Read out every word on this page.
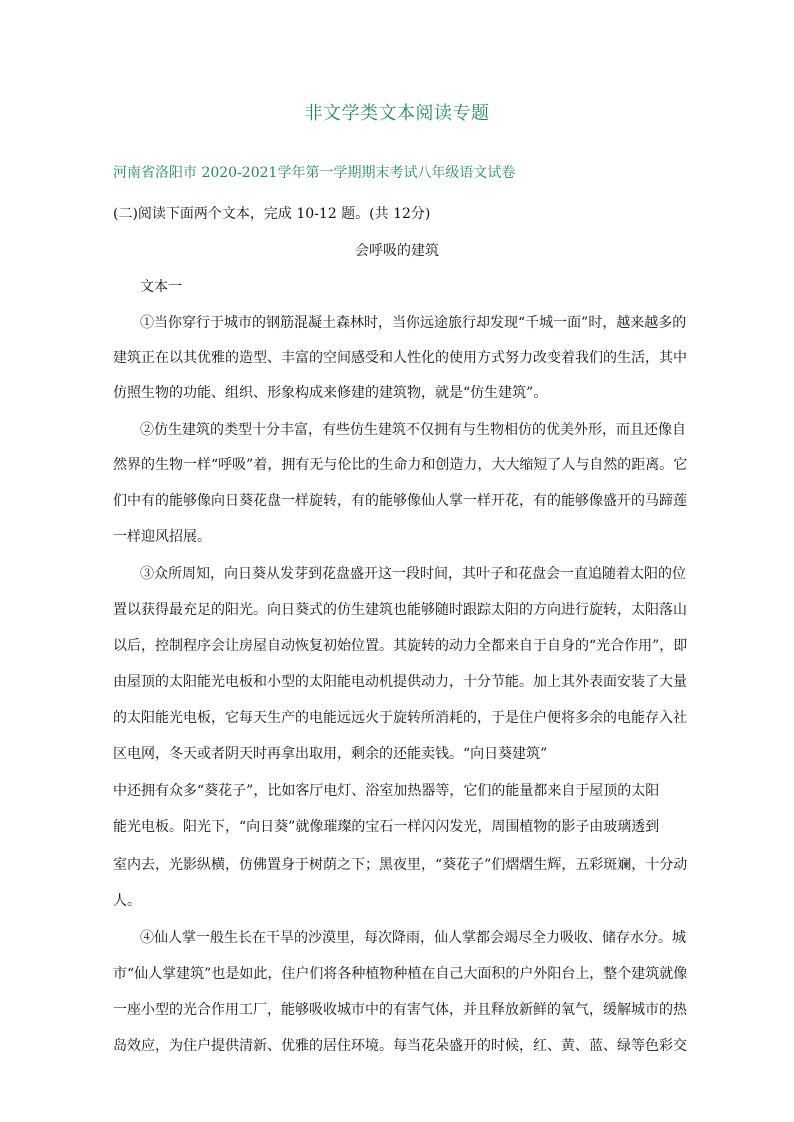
非文学类文本阅读专题
河南省洛阳市 2020-2021学年第一学期期末考试八年级语文试卷
(二)阅读下面两个文本，完成 10-12 题。(共 12分)
会呼吸的建筑
文本一
①当你穿行于城市的钢筋混凝土森林时，当你远途旅行却发现“千城一面”时，越来越多的
建筑正在以其优雅的造型、丰富的空间感受和人性化的使用方式努力改变着我们的生活，其中
仿照生物的功能、组织、形象构成来修建的建筑物，就是“仿生建筑”。
②仿生建筑的类型十分丰富，有些仿生建筑不仅拥有与生物相仿的优美外形，而且还像自
然界的生物一样“呼吸”着，拥有无与伦比的生命力和创造力，大大缩短了人与自然的距离。它
们中有的能够像向日葵花盘一样旋转，有的能够像仙人掌一样开花，有的能够像盛开的马蹄莲
一样迎风招展。
③众所周知，向日葵从发芽到花盘盛开这一段时间，其叶子和花盘会一直追随着太阳的位
置以获得最充足的阳光。向日葵式的仿生建筑也能够随时跟踪太阳的方向进行旋转，太阳落山
以后，控制程序会让房屋自动恢复初始位置。其旋转的动力全都来自于自身的“光合作用”，即
由屋顶的太阳能光电板和小型的太阳能电动机提供动力，十分节能。加上其外表面安装了大量
的太阳能光电板，它每天生产的电能远远火于旋转所消耗的，于是住户便将多余的电能存入社
区电网，冬天或者阴天时再拿出取用，剩余的还能卖钱。“向日葵建筑”
中还拥有众多“葵花子”，比如客厅电灯、浴室加热器等，它们的能量都来自于屋顶的太阳
能光电板。阳光下，“向日葵”就像璀璨的宝石一样闪闪发光，周围植物的影子由玻璃透到
室内去，光影纵横，仿佛置身于树荫之下；黑夜里，“葵花子”们熠熠生辉，五彩斑斓，十分动
人。
④仙人掌一般生长在干旱的沙漠里，每次降雨，仙人掌都会竭尽全力吸收、储存水分。城
市“仙人掌建筑”也是如此，住户们将各种植物种植在自己大面积的户外阳台上，整个建筑就像
一座小型的光合作用工厂，能够吸收城市中的有害气体，并且释放新鲜的氧气，缓解城市的热
岛效应，为住户提供清新、优雅的居住环境。每当花朵盛开的时候，红、黄、蓝、绿等色彩交
